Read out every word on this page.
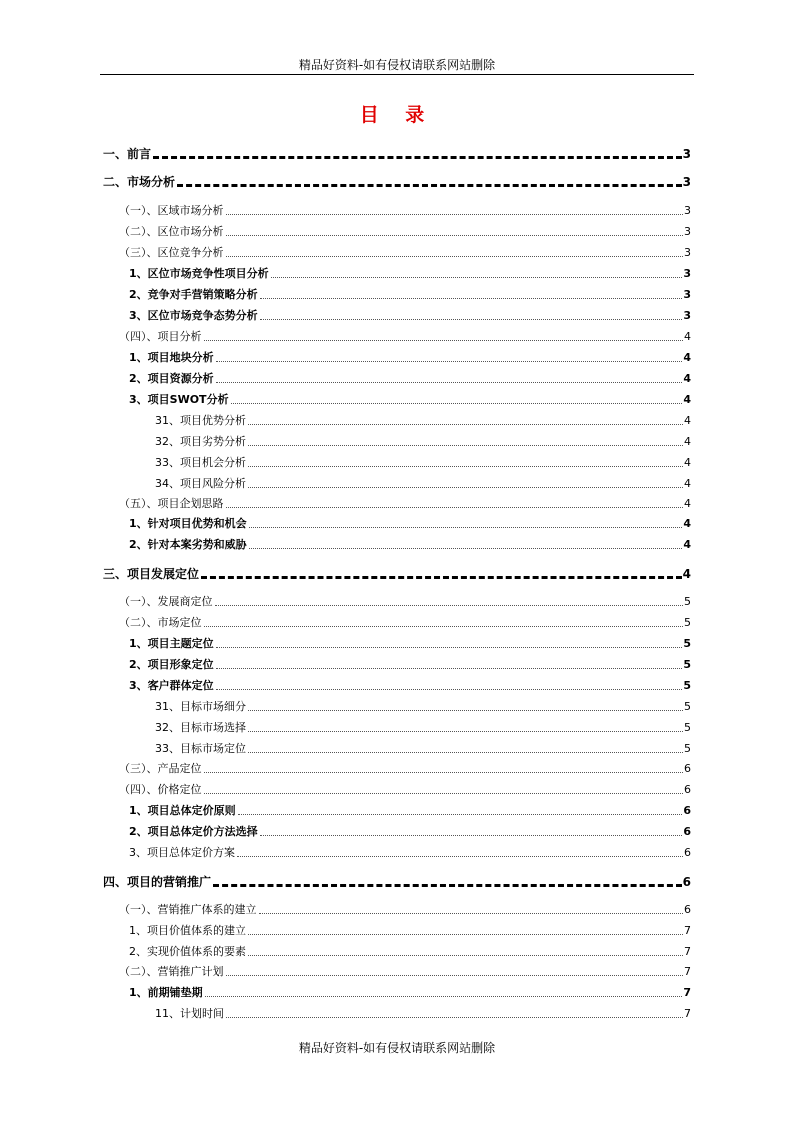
精品好资料-如有侵权请联系网站删除
目 录
一、前言	3
二、市场分析	3
（一）、区域市场分析	3
（二）、区位市场分析	3
（三）、区位竞争分析	3
1、区位市场竞争性项目分析	3
2、竞争对手营销策略分析	3
3、区位市场竞争态势分析	3
（四）、项目分析	4
1、项目地块分析	4
2、项目资源分析	4
3、项目SWOT分析	4
31、项目优势分析	4
32、项目劣势分析	4
33、项目机会分析	4
34、项目风险分析	4
（五）、项目企划思路	4
1、针对项目优势和机会	4
2、针对本案劣势和威胁	4
三、项目发展定位	4
（一）、发展商定位	5
（二）、市场定位	5
1、项目主题定位	5
2、项目形象定位	5
3、客户群体定位	5
31、目标市场细分	5
32、目标市场选择	5
33、目标市场定位	5
（三）、产品定位	6
（四）、价格定位	6
1、项目总体定价原则	6
2、项目总体定价方法选择	6
3、项目总体定价方案	6
四、项目的营销推广	6
（一）、营销推广体系的建立	6
1、项目价值体系的建立	7
2、实现价值体系的要素	7
（二）、营销推广计划	7
1、前期铺垫期	7
11、计划时间	7
精品好资料-如有侵权请联系网站删除
